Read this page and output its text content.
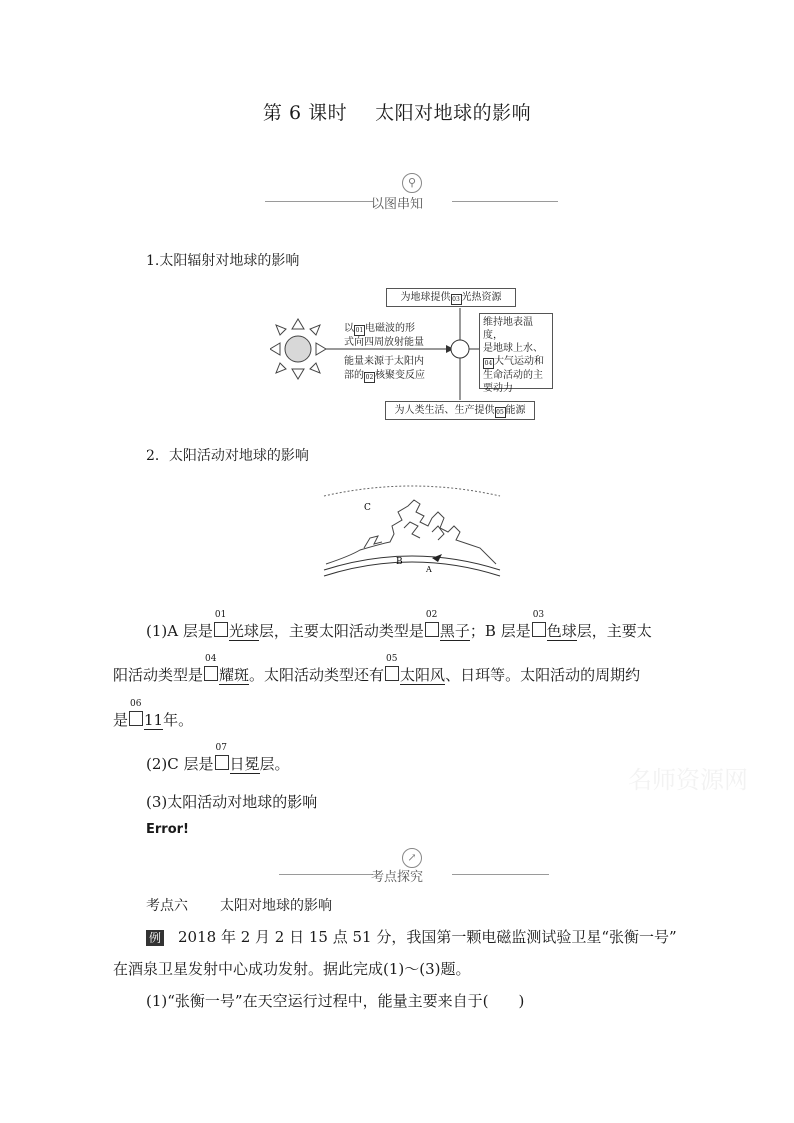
第 6 课时 太阳对地球的影响
⚲
以图串知
1.太阳辐射对地球的影响
为地球提供 03 光热资源
以 01 电磁波的形
式向四周放射能量
能量来源于太阳内
部的 02 核聚变反应
维持地表温度，
是地球上水、
04 大气运动和
生命活动的主
要动力
为人类生活、生产提供 05 能源
2．太阳活动对地球的影响
C
B
A
(1)A 层是
01
光球层，主要太阳活动类型是
02
黑子；B 层是
03
色球层，主要太
阳活动类型是
04
耀斑。太阳活动类型还有
05
太阳风、日珥等。太阳活动的周期约
是
06
11年。
(2)C 层是
07
日冕层。
名师资源网
(3)太阳活动对地球的影响
Error!
↗
考点探究
考点六 太阳对地球的影响
例 2018 年 2 月 2 日 15 点 51 分，我国第一颗电磁监测试验卫星“张衡一号”
在酒泉卫星发射中心成功发射。据此完成(1)～(3)题。
(1)“张衡一号”在天空运行过程中，能量主要来自于(　　)
